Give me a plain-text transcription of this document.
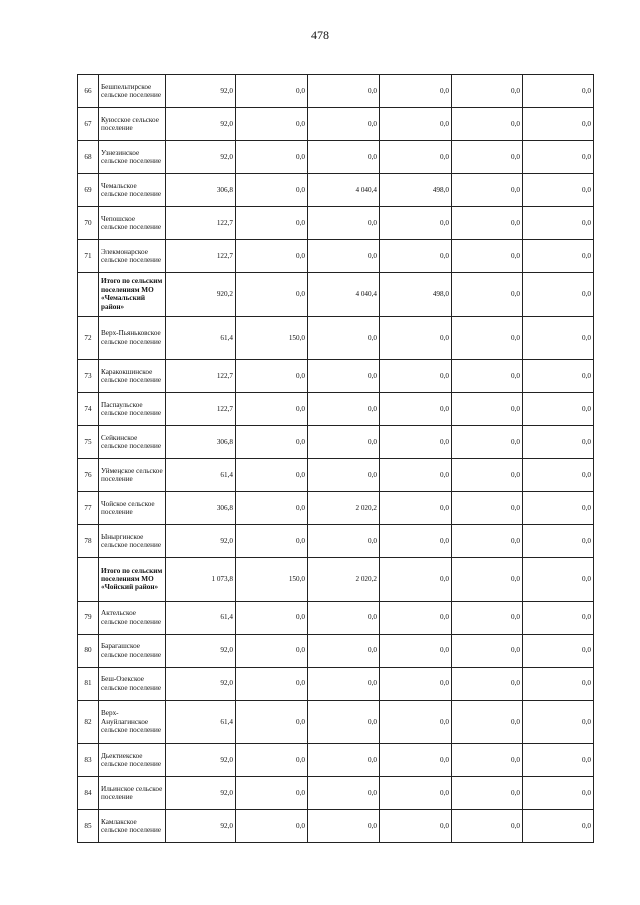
478
66	Бешпельтирское сельское поселение	92,0	0,0	0,0	0,0	0,0	0,0
67	Куюсское сельское поселение	92,0	0,0	0,0	0,0	0,0	0,0
68	Узнезинское сельское поселение	92,0	0,0	0,0	0,0	0,0	0,0
69	Чемальское сельское поселение	306,8	0,0	4 040,4	498,0	0,0	0,0
70	Чепошское сельское поселение	122,7	0,0	0,0	0,0	0,0	0,0
71	Элекмонарское сельское поселение	122,7	0,0	0,0	0,0	0,0	0,0
	Итого по сельским поселениям МО «Чемальский район»	920,2	0,0	4 040,4	498,0	0,0	0,0
72	Верх-Пьяньковское сельское поселение	61,4	150,0	0,0	0,0	0,0	0,0
73	Каракокшинское сельское поселение	122,7	0,0	0,0	0,0	0,0	0,0
74	Паспаульское сельское поселение	122,7	0,0	0,0	0,0	0,0	0,0
75	Сейкинское сельское поселение	306,8	0,0	0,0	0,0	0,0	0,0
76	Уймеңское сельское поселение	61,4	0,0	0,0	0,0	0,0	0,0
77	Чойское сельское поселение	306,8	0,0	2 020,2	0,0	0,0	0,0
78	Ыныргинское сельское поселение	92,0	0,0	0,0	0,0	0,0	0,0
	Итого по сельским поселениям МО «Чойский район»	1 073,8	150,0	2 020,2	0,0	0,0	0,0
79	Актельское сельское поселение	61,4	0,0	0,0	0,0	0,0	0,0
80	Барагашское сельское поселение	92,0	0,0	0,0	0,0	0,0	0,0
81	Беш-Озекское сельское поселение	92,0	0,0	0,0	0,0	0,0	0,0
82	Верх-Ануйлагинское сельское поселение	61,4	0,0	0,0	0,0	0,0	0,0
83	Дьектиекское сельское поселение	92,0	0,0	0,0	0,0	0,0	0,0
84	Ильинское сельское поселение	92,0	0,0	0,0	0,0	0,0	0,0
85	Камлакское сельское поселение	92,0	0,0	0,0	0,0	0,0	0,0
